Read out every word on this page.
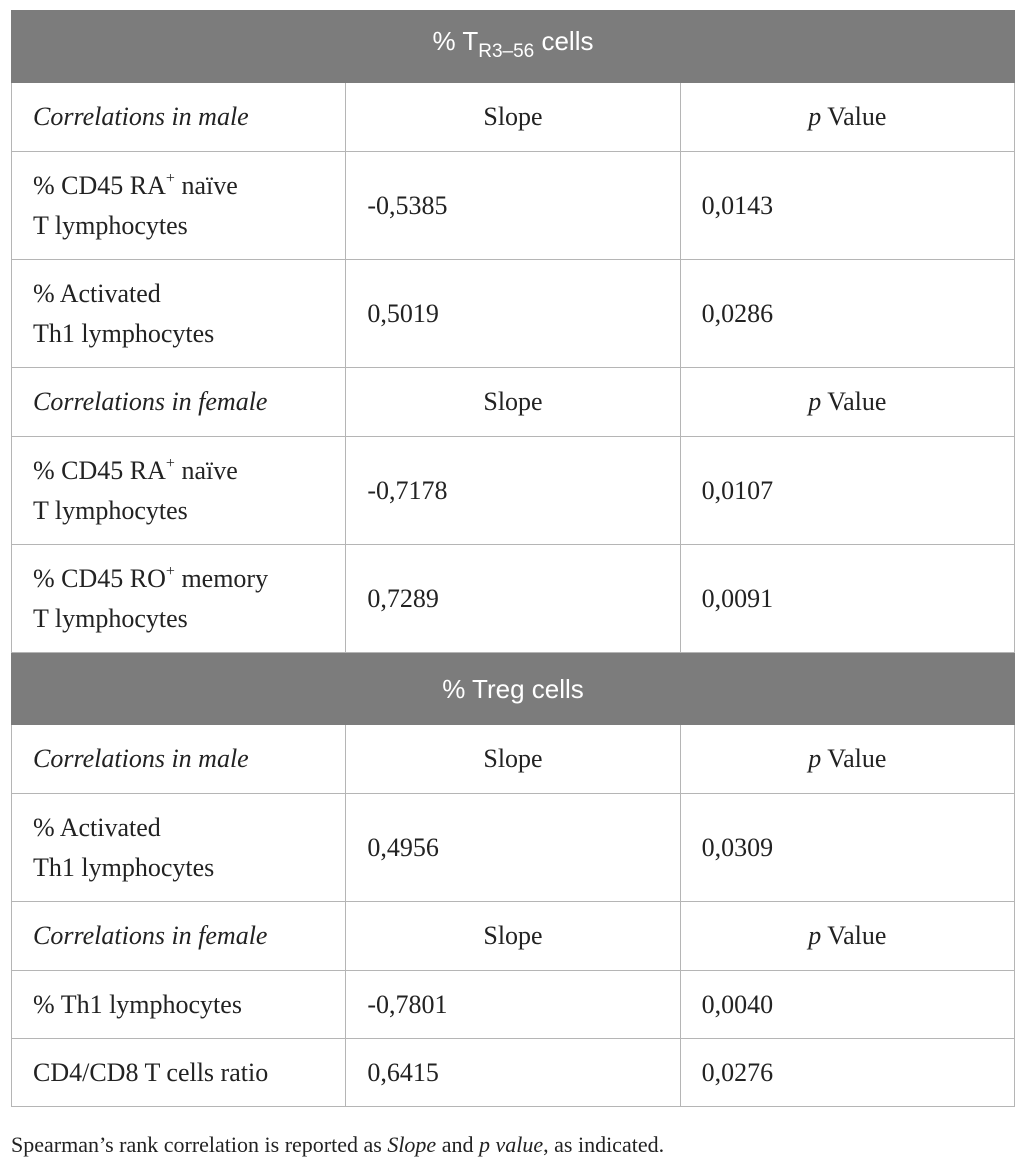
% $T_{R3-56}$ cells		
Correlations in male	Slope	p Value
% CD45 RA+ naïve
T lymphocytes	-0,5385	0,0143
% Activated
Th1 lymphocytes	0,5019	0,0286
Correlations in female	Slope	p Value
% CD45 RA+ naïve
T lymphocytes	-0,7178	0,0107
% CD45 RO+ memory
T lymphocytes	0,7289	0,0091
% Treg cells		
Correlations in male	Slope	p Value
% Activated
Th1 lymphocytes	0,4956	0,0309
Correlations in female	Slope	p Value
% Th1 lymphocytes	-0,7801	0,0040
CD4/CD8 T cells ratio	0,6415	0,0276
Spearman’s rank correlation is reported as Slope and p value, as indicated.
